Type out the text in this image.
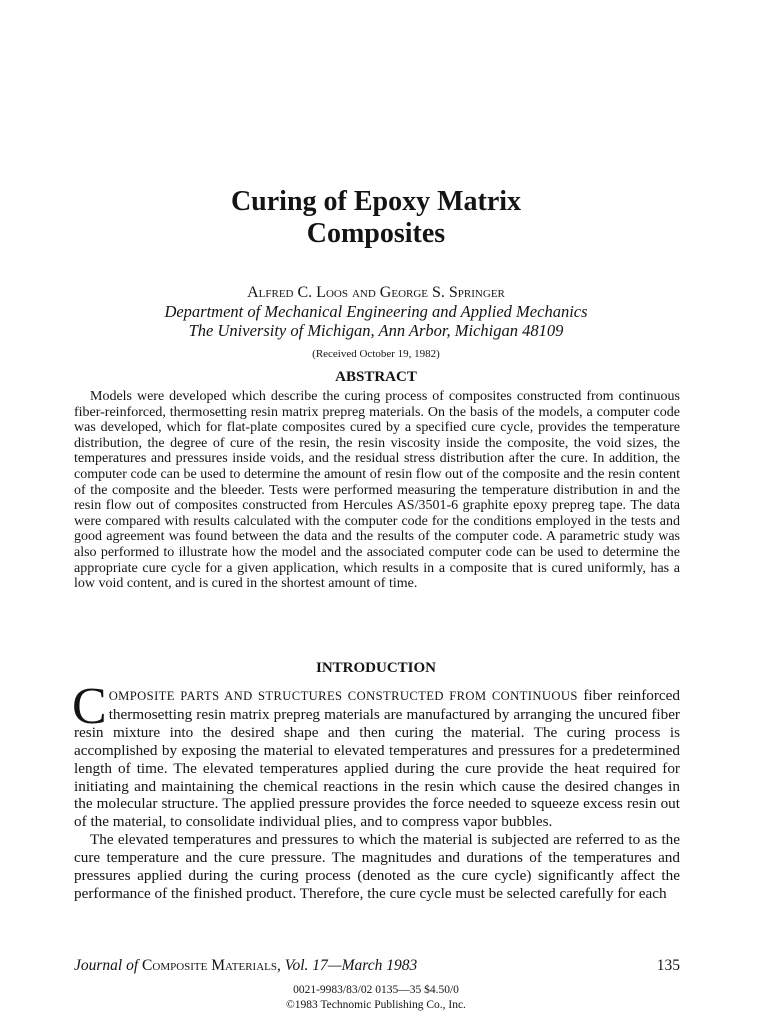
Curing of Epoxy Matrix
Composites
Alfred C. Loos and George S. Springer
Department of Mechanical Engineering and Applied Mechanics
The University of Michigan, Ann Arbor, Michigan 48109
(Received October 19, 1982)
ABSTRACT

Models were developed which describe the curing process of composites constructed from continuous fiber-reinforced, thermosetting resin matrix prepreg materials. On the basis of the models, a computer code was developed, which for flat-plate composites cured by a specified cure cycle, provides the temperature distribution, the degree of cure of the resin, the resin viscosity inside the composite, the void sizes, the temperatures and pressures inside voids, and the residual stress distribution after the cure. In addition, the computer code can be used to determine the amount of resin flow out of the composite and the resin content of the composite and the bleeder. Tests were performed measuring the temperature distribution in and the resin flow out of composites constructed from Hercules AS/3501-6 graphite epoxy prepreg tape. The data were compared with results calculated with the computer code for the conditions employed in the tests and good agreement was found between the data and the results of the computer code. A parametric study was also performed to illustrate how the model and the associated computer code can be used to determine the appropriate cure cycle for a given application, which results in a composite that is cured uniformly, has a low void content, and is cured in the shortest amount of time.

INTRODUCTION

COMPOSITE PARTS AND STRUCTURES CONSTRUCTED FROM CONTINUOUS fiber reinforced thermosetting resin matrix prepreg materials are manufactured by arranging the uncured fiber resin mixture into the desired shape and then curing the material. The curing process is accomplished by exposing the material to elevated temperatures and pressures for a predetermined length of time. The elevated temperatures applied during the cure provide the heat required for initiating and maintaining the chemical reactions in the resin which cause the desired changes in the molecular structure. The applied pressure provides the force needed to squeeze excess resin out of the material, to consolidate individual plies, and to compress vapor bubbles.

The elevated temperatures and pressures to which the material is subjected are referred to as the cure temperature and the cure pressure. The magnitudes and durations of the temperatures and pressures applied during the curing process (denoted as the cure cycle) significantly affect the performance of the finished product. Therefore, the cure cycle must be selected carefully for each

Journal of Composite Materials, Vol. 17—March 1983	135
0021-9983/83/02 0135—35 $4.50/0
©1983 Technomic Publishing Co., Inc.
